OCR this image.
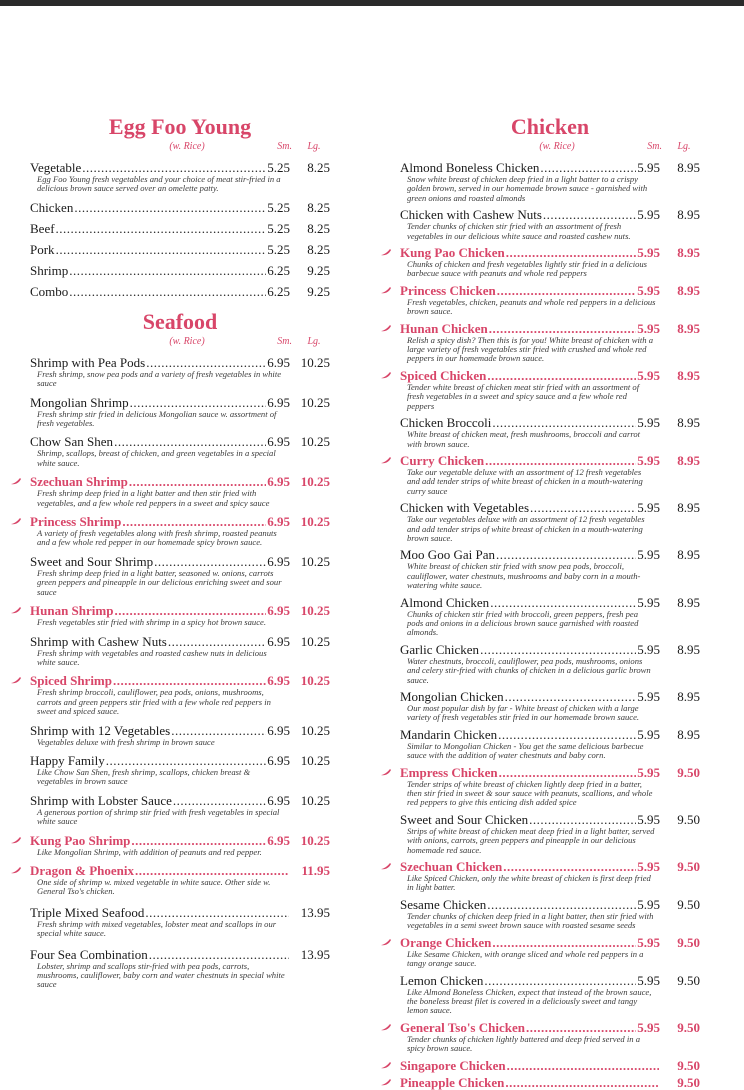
Egg Foo Young
(w. Rice)	Sm.	Lg.
Vegetable .....	5.25	8.25
Egg Foo Young fresh vegetables and your choice of meat stir-fried in a delicious brown sauce served over an omelette patty.
Chicken .....	5.25	8.25
Beef .....	5.25	8.25
Pork .....	5.25	8.25
Shrimp .....	6.25	9.25
Combo .....	6.25	9.25
Seafood
(w. Rice)	Sm.	Lg.
Shrimp with Pea Pods .....	6.95 10.25
Fresh shrimp, snow pea pods and a variety of fresh vegetables in white sauce
Mongolian Shrimp .....	6.95 10.25
Fresh shrimp stir fried in delicious Mongolian sauce w. assortment of fresh vegetables.
Chow San Shen .....	6.95 10.25
Shrimp, scallops, breast of chicken, and green vegetables in a special white sauce.
Szechuan Shrimp .....	6.95 10.25
Fresh shrimp deep fried in a light batter and then stir fried with vegetables, and a few whole red peppers in a sweet and spicy sauce
Princess Shrimp .....	6.95 10.25
A variety of fresh vegetables along with fresh shrimp, roasted peanuts and a few whole red pepper in our homemade spicy brown sauce.
Sweet and Sour Shrimp .....	6.95 10.25
Fresh shrimp deep fried in a light batter, seasoned w. onions, carrots green peppers and pineapple in our delicious enriching sweet and sour sauce
Hunan Shrimp .....	6.95 10.25
Fresh vegetables stir fried with shrimp in a spicy hot brown sauce.
Shrimp with Cashew Nuts .....	6.95 10.25
Fresh shrimp with vegetables and roasted cashew nuts in delicious white sauce.
Spiced Shrimp .....	6.95 10.25
Fresh shrimp broccoli, cauliflower, pea pods, onions, mushrooms, carrots and green peppers stir fried with a few whole red peppers in sweet and spiced sauce.
Shrimp with 12 Vegetables .....	6.95 10.25
Vegetables deluxe with fresh shrimp in brown sauce
Happy Family .....	6.95 10.25
Like Chow San Shen, fresh shrimp, scallops, chicken breast & vegetables in brown sauce
Shrimp with Lobster Sauce .....	6.95 10.25
A generous portion of shrimp stir fried with fresh vegetables in special white sauce
Kung Pao Shrimp .....	6.95 10.25
Like Mongolian Shrimp, with addition of peanuts and red pepper.
Dragon & Phoenix .....	11.95
One side of shrimp w. mixed vegetable in white sauce. Other side w. General Tso's chicken.
Triple Mixed Seafood .....	13.95
Fresh shrimp with mixed vegetables, lobster meat and scallops in our special white sauce.
Four Sea Combination .....	13.95
Lobster, shrimp and scallops stir-fried with pea pods, carrots, mushrooms, cauliflower, baby corn and water chestnuts in special white sauce
Chicken
(w. Rice)	Sm.	Lg.
Almond Boneless Chicken .....	5.95	8.95
Snow white breast of chicken deep fried in a light batter to a crispy golden brown, served in our homemade brown sauce - garnished with green onions and roasted almonds
Chicken with Cashew Nuts .....	5.95	8.95
Tender chunks of chicken stir fried with an assortment of fresh vegetables in our delicious white sauce and roasted cashew nuts.
Kung Pao Chicken .....	5.95	8.95
Chunks of chicken and fresh vegetables lightly stir fried in a delicious barbecue sauce with peanuts and whole red peppers
Princess Chicken .....	5.95	8.95
Fresh vegetables, chicken, peanuts and whole red peppers in a delicious brown sauce.
Hunan Chicken .....	5.95	8.95
Relish a spicy dish? Then this is for you! White breast of chicken with a large variety of fresh vegetables stir fried with crushed and whole red peppers in our homemade brown sauce.
Spiced Chicken .....	5.95	8.95
Tender white breast of chicken meat stir fried with an assortment of fresh vegetables in a sweet and spicy sauce and a few whole red peppers
Chicken Broccoli .....	5.95	8.95
White breast of chicken meat, fresh mushrooms, broccoli and carrot with brown sauce.
Curry Chicken .....	5.95	8.95
Take our vegetable deluxe with an assortment of 12 fresh vegetables and add tender strips of white breast of chicken in a mouth-watering curry sauce
Chicken with Vegetables .....	5.95	8.95
Take our vegetables deluxe with an assortment of 12 fresh vegetables and add tender strips of white breast of chicken in a mouth-watering brown sauce.
Moo Goo Gai Pan .....	5.95	8.95
White breast of chicken stir fried with snow pea pods, broccoli, cauliflower, water chestnuts, mushrooms and baby corn in a mouth-watering white sauce.
Almond Chicken .....	5.95	8.95
Chunks of chicken stir fried with broccoli, green peppers, fresh pea pods and onions in a delicious brown sauce garnished with roasted almonds.
Garlic Chicken .....	5.95	8.95
Water chestnuts, broccoli, cauliflower, pea pods, mushrooms, onions and celery stir-fried with chunks of chicken in a delicious garlic brown sauce.
Mongolian Chicken .....	5.95	8.95
Our most popular dish by far - White breast of chicken with a large variety of fresh vegetables stir fried in our homemade brown sauce.
Mandarin Chicken .....	5.95	8.95
Similar to Mongolian Chicken - You get the same delicious barbecue sauce with the addition of water chestnuts and baby corn.
Empress Chicken .....	5.95	9.50
Tender strips of white breast of chicken lightly deep fried in a batter, then stir fried in sweet & sour sauce with peanuts, scallions, and whole red peppers to give this enticing dish added spice
Sweet and Sour Chicken .....	5.95	9.50
Strips of white breast of chicken meat deep fried in a light batter, served with onions, carrots, green peppers and pineapple in our delicious homemade red sauce.
Szechuan Chicken .....	5.95	9.50
Like Spiced Chicken, only the white breast of chicken is first deep fried in light batter.
Sesame Chicken .....	5.95	9.50
Tender chunks of chicken deep fried in a light batter, then stir fried with vegetables in a semi sweet brown sauce with roasted sesame seeds
Orange Chicken .....	5.95	9.50
Like Sesame Chicken, with orange sliced and whole red peppers in a tangy orange sauce.
Lemon Chicken .....	5.95	9.50
Like Almond Boneless Chicken, expect that instead of the brown sauce, the boneless breast filet is covered in a deliciously sweet and tangy lemon sauce.
General Tso's Chicken .....	5.95	9.50
Tender chunks of chicken lightly battered and deep fried served in a spicy brown sauce.
Singapore Chicken .....	9.50
Pineapple Chicken .....	9.50
